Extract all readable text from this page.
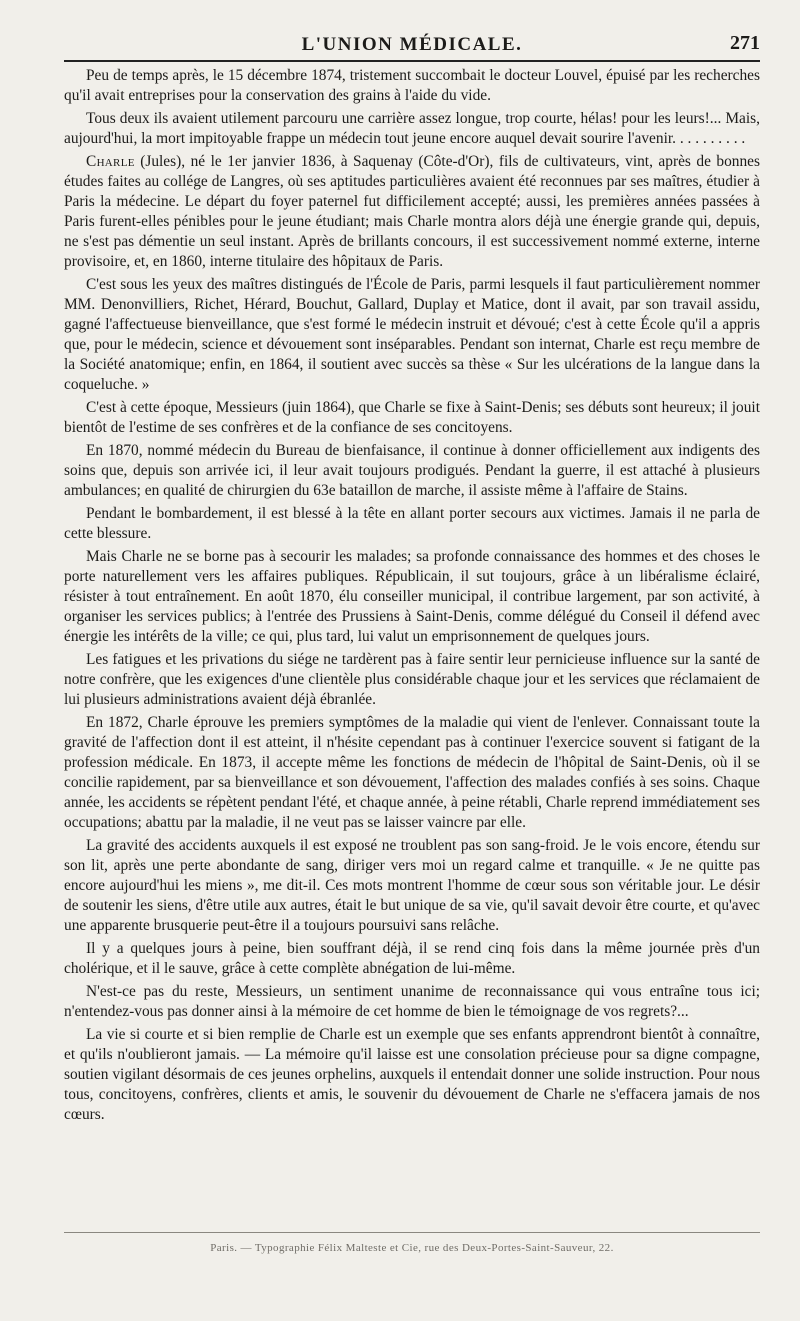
L'UNION MÉDICALE.	271

Peu de temps après, le 15 décembre 1874, tristement succombait le docteur Louvel, épuisé par les recherches qu'il avait entreprises pour la conservation des grains à l'aide du vide.

Tous deux ils avaient utilement parcouru une carrière assez longue, trop courte, hélas! pour les leurs!... Mais, aujourd'hui, la mort impitoyable frappe un médecin tout jeune encore auquel devait sourire l'avenir. . . . . . . . . .

Charle (Jules), né le 1er janvier 1836, à Saquenay (Côte-d'Or), fils de cultivateurs, vint, après de bonnes études faites au collége de Langres, où ses aptitudes particulières avaient été reconnues par ses maîtres, étudier à Paris la médecine. Le départ du foyer paternel fut difficilement accepté; aussi, les premières années passées à Paris furent-elles pénibles pour le jeune étudiant; mais Charle montra alors déjà une énergie grande qui, depuis, ne s'est pas démentie un seul instant. Après de brillants concours, il est successivement nommé externe, interne provisoire, et, en 1860, interne titulaire des hôpitaux de Paris.

C'est sous les yeux des maîtres distingués de l'École de Paris, parmi lesquels il faut particulièrement nommer MM. Denonvilliers, Richet, Hérard, Bouchut, Gallard, Duplay et Matice, dont il avait, par son travail assidu, gagné l'affectueuse bienveillance, que s'est formé le médecin instruit et dévoué; c'est à cette École qu'il a appris que, pour le médecin, science et dévouement sont inséparables. Pendant son internat, Charle est reçu membre de la Société anatomique; enfin, en 1864, il soutient avec succès sa thèse « Sur les ulcérations de la langue dans la coqueluche. »

C'est à cette époque, Messieurs (juin 1864), que Charle se fixe à Saint-Denis; ses débuts sont heureux; il jouit bientôt de l'estime de ses confrères et de la confiance de ses concitoyens.

En 1870, nommé médecin du Bureau de bienfaisance, il continue à donner officiellement aux indigents des soins que, depuis son arrivée ici, il leur avait toujours prodigués. Pendant la guerre, il est attaché à plusieurs ambulances; en qualité de chirurgien du 63e bataillon de marche, il assiste même à l'affaire de Stains.

Pendant le bombardement, il est blessé à la tête en allant porter secours aux victimes. Jamais il ne parla de cette blessure.

Mais Charle ne se borne pas à secourir les malades; sa profonde connaissance des hommes et des choses le porte naturellement vers les affaires publiques. Républicain, il sut toujours, grâce à un libéralisme éclairé, résister à tout entraînement. En août 1870, élu conseiller municipal, il contribue largement, par son activité, à organiser les services publics; à l'entrée des Prussiens à Saint-Denis, comme délégué du Conseil il défend avec énergie les intérêts de la ville; ce qui, plus tard, lui valut un emprisonnement de quelques jours.

Les fatigues et les privations du siége ne tardèrent pas à faire sentir leur pernicieuse influence sur la santé de notre confrère, que les exigences d'une clientèle plus considérable chaque jour et les services que réclamaient de lui plusieurs administrations avaient déjà ébranlée.

En 1872, Charle éprouve les premiers symptômes de la maladie qui vient de l'enlever. Connaissant toute la gravité de l'affection dont il est atteint, il n'hésite cependant pas à continuer l'exercice souvent si fatigant de la profession médicale. En 1873, il accepte même les fonctions de médecin de l'hôpital de Saint-Denis, où il se concilie rapidement, par sa bienveillance et son dévouement, l'affection des malades confiés à ses soins. Chaque année, les accidents se répètent pendant l'été, et chaque année, à peine rétabli, Charle reprend immédiatement ses occupations; abattu par la maladie, il ne veut pas se laisser vaincre par elle.

La gravité des accidents auxquels il est exposé ne troublent pas son sang-froid. Je le vois encore, étendu sur son lit, après une perte abondante de sang, diriger vers moi un regard calme et tranquille. « Je ne quitte pas encore aujourd'hui les miens », me dit-il. Ces mots montrent l'homme de cœur sous son véritable jour. Le désir de soutenir les siens, d'être utile aux autres, était le but unique de sa vie, qu'il savait devoir être courte, et qu'avec une apparente brusquerie peut-être il a toujours poursuivi sans relâche.

Il y a quelques jours à peine, bien souffrant déjà, il se rend cinq fois dans la même journée près d'un cholérique, et il le sauve, grâce à cette complète abnégation de lui-même.

N'est-ce pas du reste, Messieurs, un sentiment unanime de reconnaissance qui vous entraîne tous ici; n'entendez-vous pas donner ainsi à la mémoire de cet homme de bien le témoignage de vos regrets?...

La vie si courte et si bien remplie de Charle est un exemple que ses enfants apprendront bientôt à connaître, et qu'ils n'oublieront jamais. — La mémoire qu'il laisse est une consolation précieuse pour sa digne compagne, soutien vigilant désormais de ces jeunes orphelins, auxquels il entendait donner une solide instruction. Pour nous tous, concitoyens, confrères, clients et amis, le souvenir du dévouement de Charle ne s'effacera jamais de nos cœurs.

Paris. — Typographie Félix Malteste et Cie, rue des Deux-Portes-Saint-Sauveur, 22.
